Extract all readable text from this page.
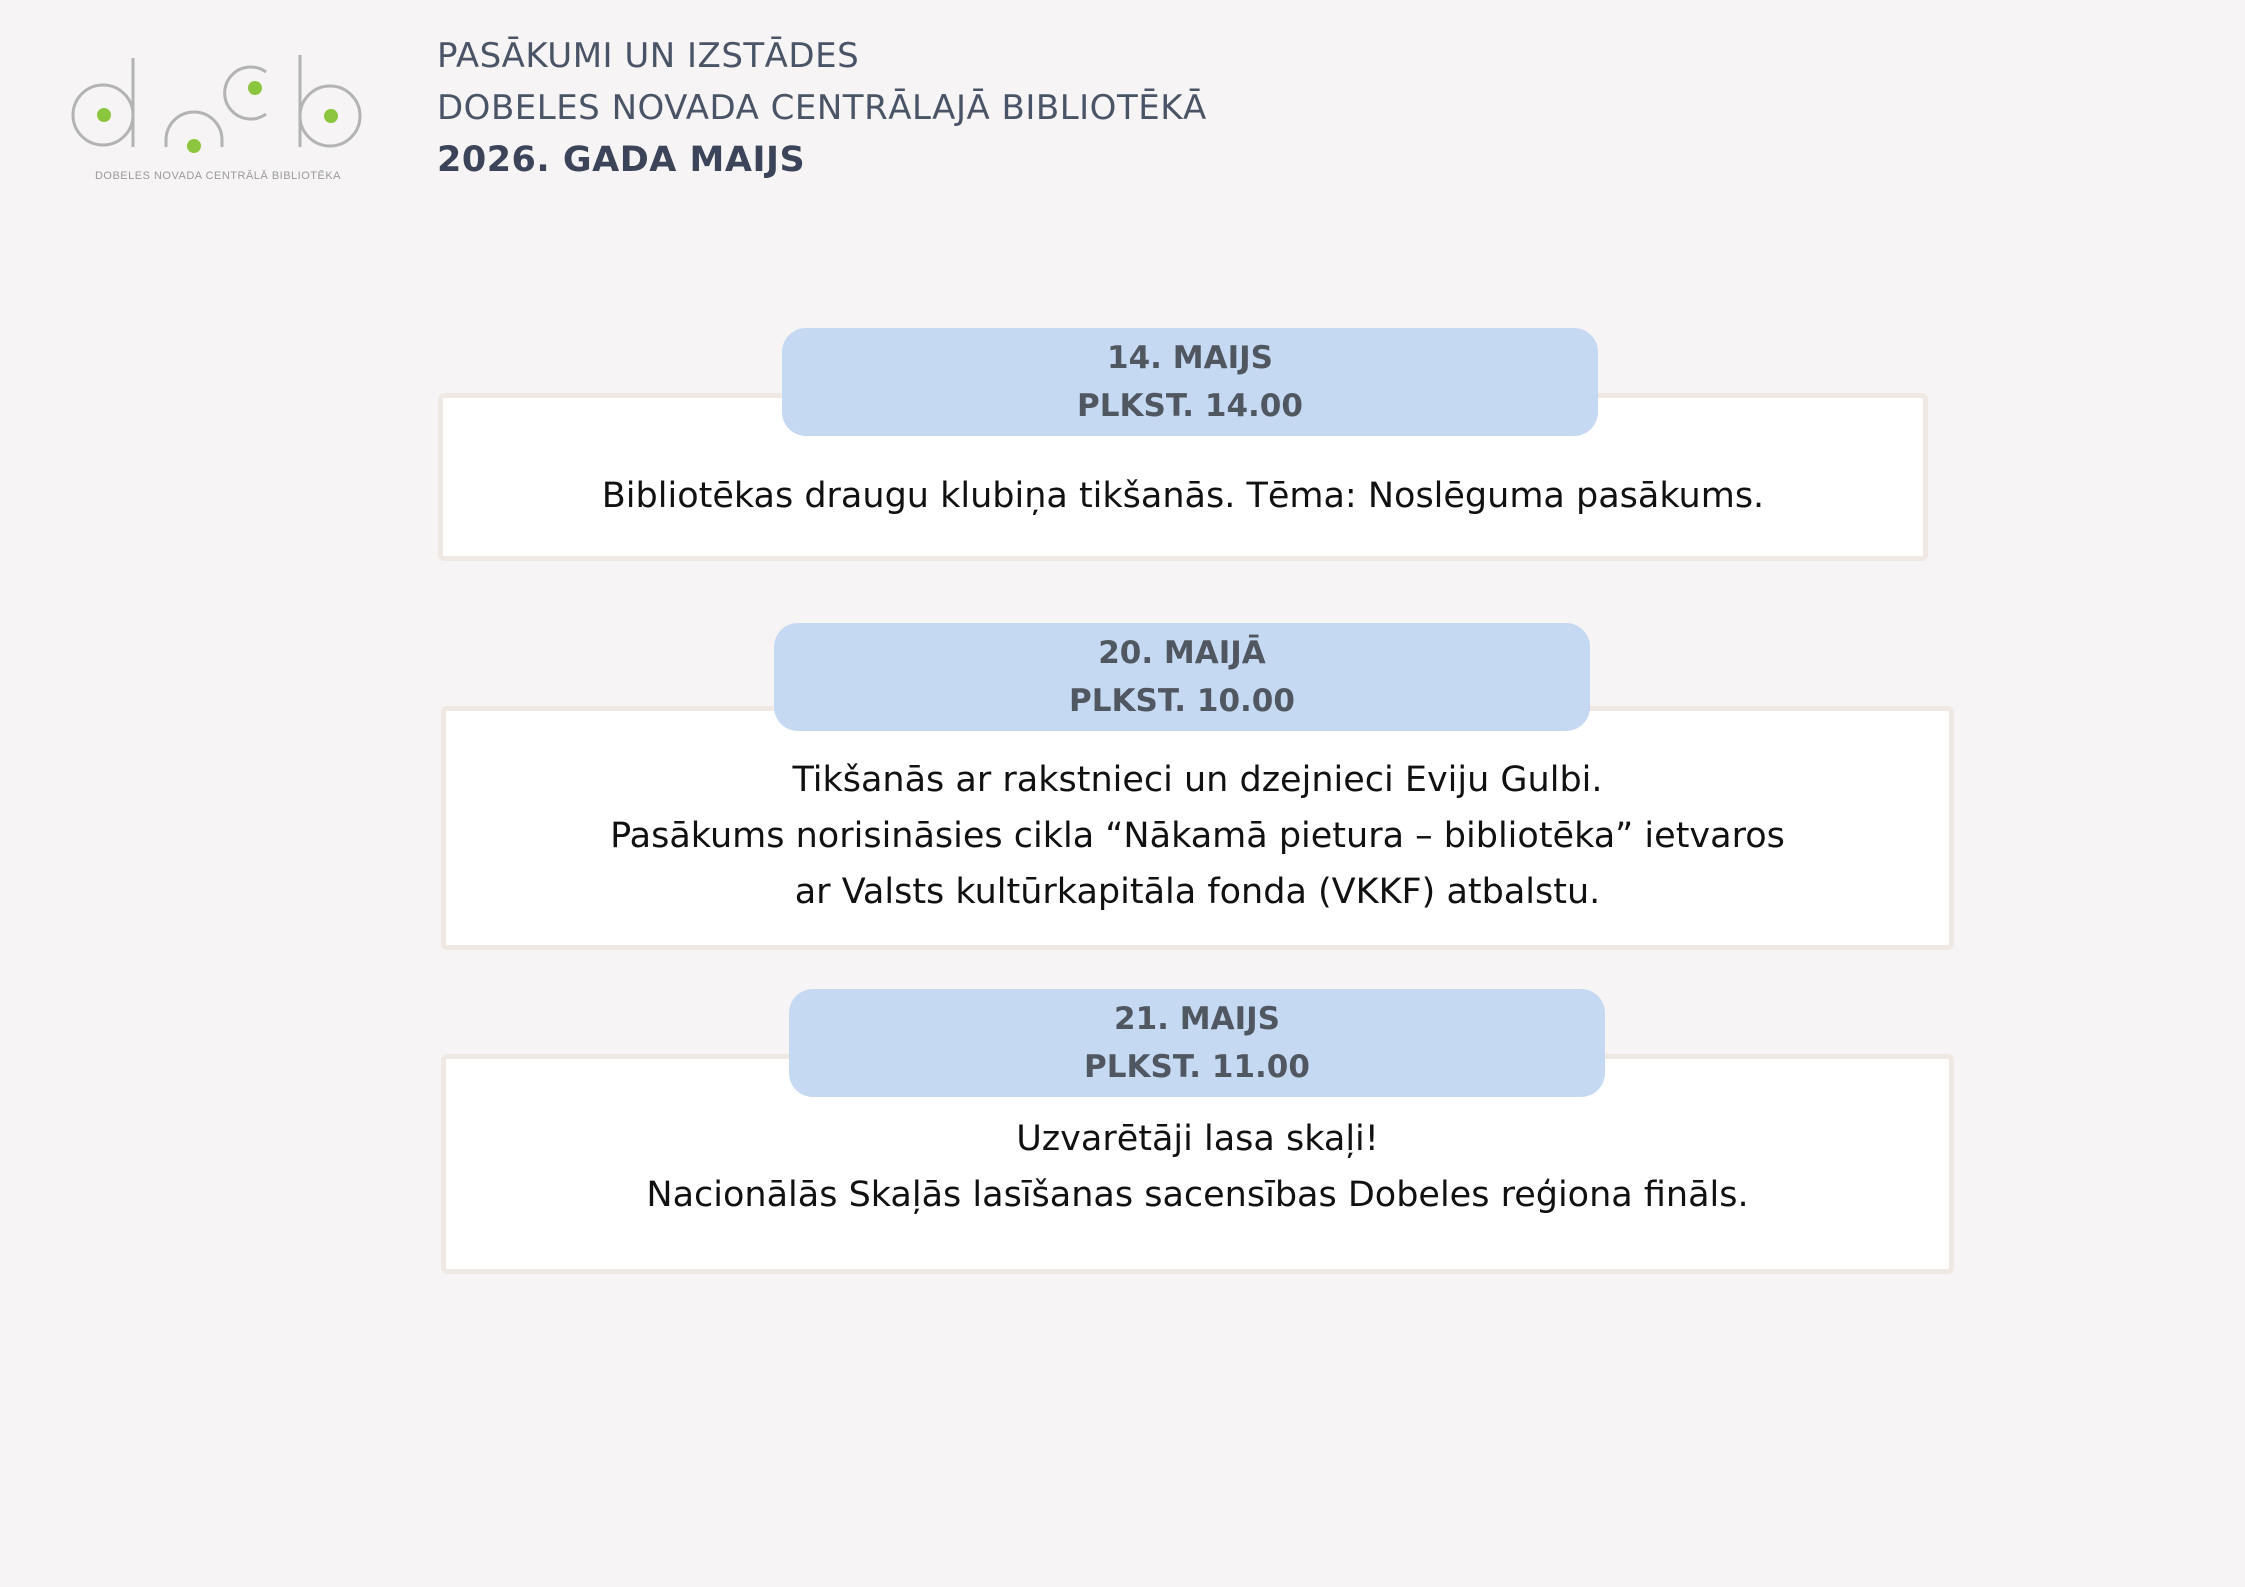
DOBELES NOVADA CENTRĀLĀ BIBLIOTĒKA
PASĀKUMI UN IZSTĀDES
DOBELES NOVADA CENTRĀLAJĀ BIBLIOTĒKĀ
2026. GADA MAIJS
Bibliotēkas draugu klubiņa tikšanās. Tēma: Noslēguma pasākums.
14. MAIJS
PLKST. 14.00
Tikšanās ar rakstnieci un dzejnieci Eviju Gulbi.
Pasākums norisināsies cikla “Nākamā pietura – bibliotēka” ietvaros
ar Valsts kultūrkapitāla fonda (VKKF) atbalstu.
20. MAIJĀ
PLKST. 10.00
Uzvarētāji lasa skaļi!
Nacionālās Skaļās lasīšanas sacensības Dobeles reģiona fināls.
21. MAIJS
PLKST. 11.00
